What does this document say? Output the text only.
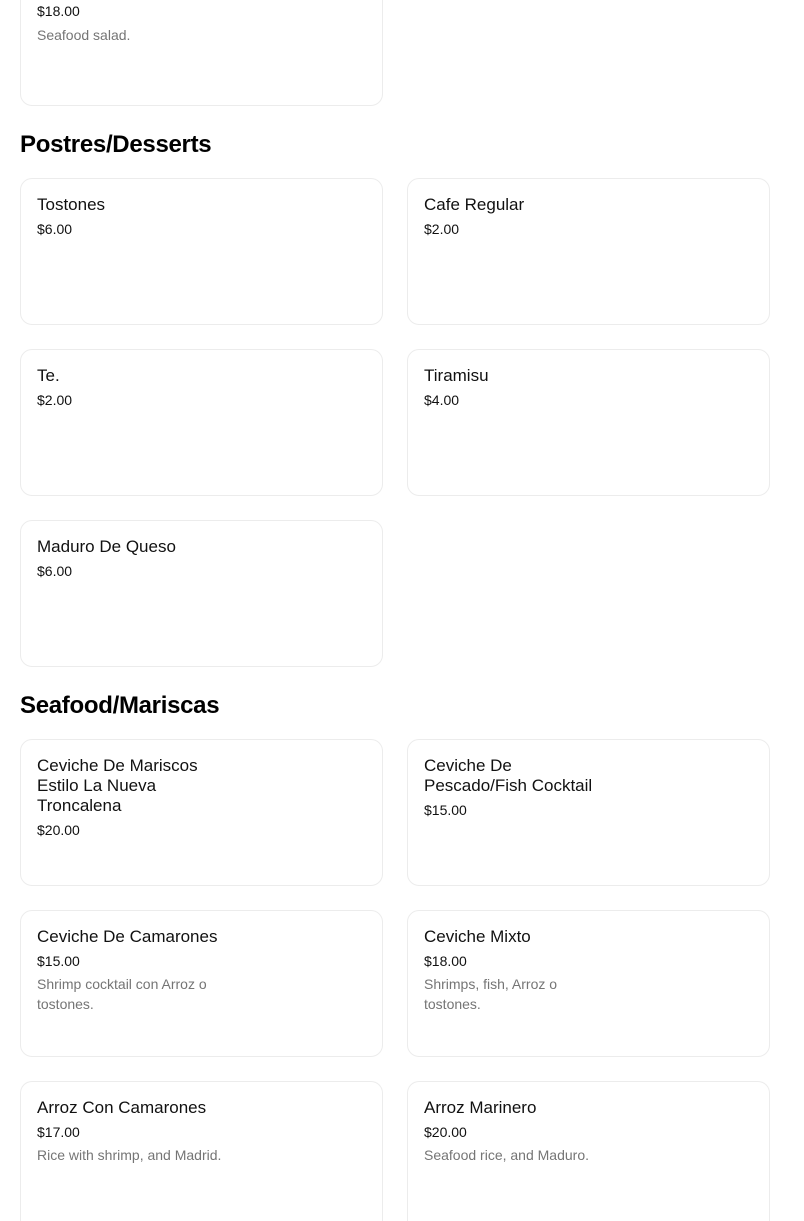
$18.00
Seafood salad.
Postres/Desserts
Tostones
$6.00
Cafe Regular
$2.00
Te.
$2.00
Tiramisu
$4.00
Maduro De Queso
$6.00
Seafood/Mariscas
Ceviche De Mariscos Estilo La Nueva Troncalena
$20.00
Ceviche De Pescado/Fish Cocktail
$15.00
Ceviche De Camarones
$15.00
Shrimp cocktail con Arroz o tostones.
Ceviche Mixto
$18.00
Shrimps, fish, Arroz o tostones.
Arroz Con Camarones
$17.00
Rice with shrimp, and Madrid.
Arroz Marinero
$20.00
Seafood rice, and Maduro.
